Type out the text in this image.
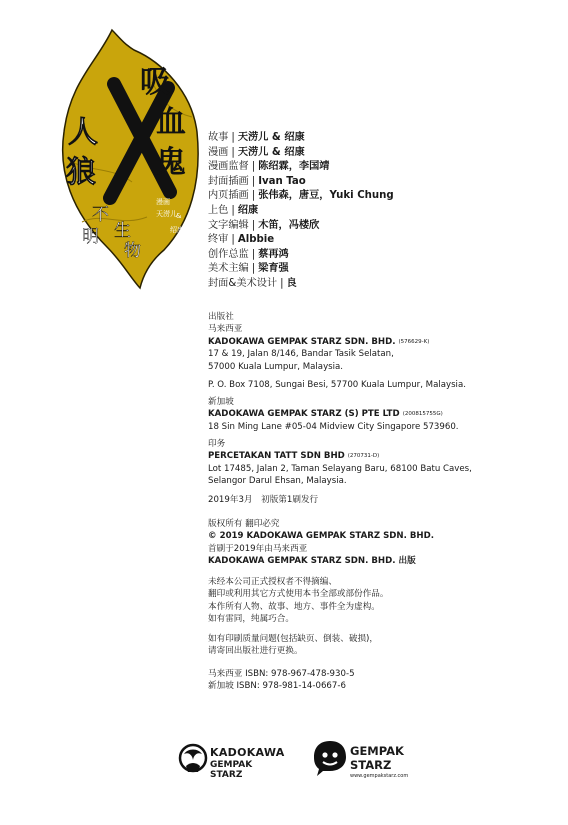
吸
血
鬼
人
狼
不
明 生
物
漫画
天涝儿 &
绍康
故事 | 天涝儿 & 绍康
漫画 | 天涝儿 & 绍康
漫画监督 | 陈绍霖，李国靖
封面插画 | Ivan Tao
内页插画 | 张伟森，唐豆，Yuki Chung
上色 | 绍康
文字编辑 | 木笛，冯楼欣
终审 | Albbie
创作总监 | 蔡再鸿
美术主编 | 梁育强
封面&美术设计 | 良
出版社
马来西亚
KADOKAWA GEMPAK STARZ SDN. BHD. (576629-K)
17 & 19, Jalan 8/146, Bandar Tasik Selatan,
57000 Kuala Lumpur, Malaysia.
P. O. Box 7108, Sungai Besi, 57700 Kuala Lumpur, Malaysia.
新加坡
KADOKAWA GEMPAK STARZ (S) PTE LTD (200815755G)
18 Sin Ming Lane #05-04 Midview City Singapore 573960.
印务
PERCETAKAN TATT SDN BHD (270731-D)
Lot 17485, Jalan 2, Taman Selayang Baru, 68100 Batu Caves,
Selangor Darul Ehsan, Malaysia.
2019年3月　初版第1刷发行
版权所有 翻印必究
© 2019 KADOKAWA GEMPAK STARZ SDN. BHD.
首刷于2019年由马来西亚
KADOKAWA GEMPAK STARZ SDN. BHD. 出版
未经本公司正式授权者不得摘编、
翻印或利用其它方式使用本书全部或部份作品。
本作所有人物、故事、地方、事件全为虚构。
如有雷同，纯属巧合。
如有印刷质量问题(包括缺页、倒装、破损)，
请寄回出版社进行更换。
马来西亚 ISBN: 978-967-478-930-5
新加坡 ISBN: 978-981-14-0667-6
KADOKAWA
GEMPAK STARZ
GEMPAK
STARZ
www.gempakstarz.com
